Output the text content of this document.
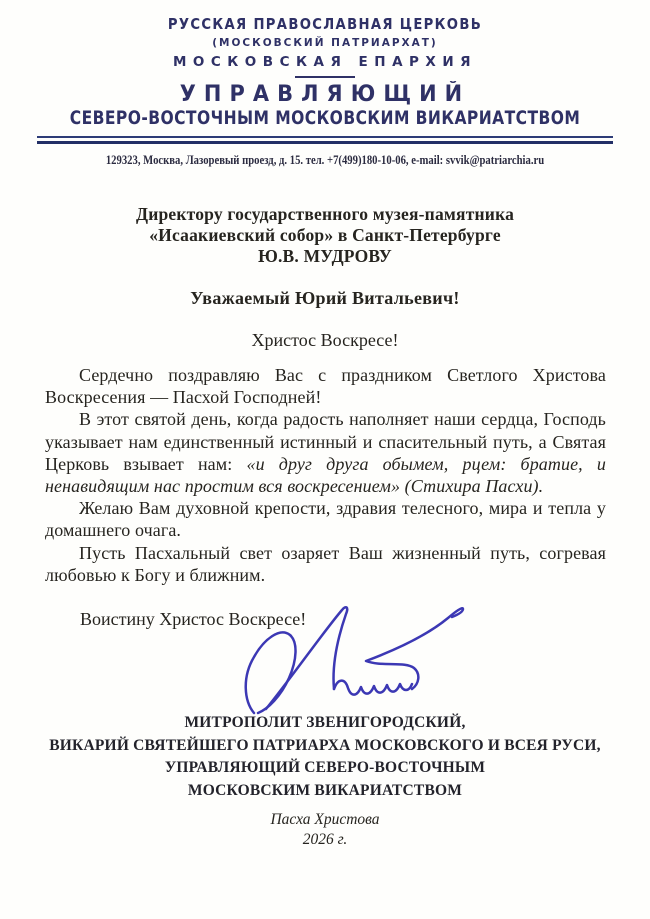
РУССКАЯ ПРАВОСЛАВНАЯ ЦЕРКОВЬ
(МОСКОВСКИЙ ПАТРИАРХАТ)
МОСКОВСКАЯ ЕПАРХИЯ
УПРАВЛЯЮЩИЙ
СЕВЕРО-ВОСТОЧНЫМ МОСКОВСКИМ ВИКАРИАТСТВОМ
129323, Москва, Лазоревый проезд, д. 15. тел. +7(499)180-10-06, e-mail: svvik@patriarchia.ru
Директору государственного музея-памятника
«Исаакиевский собор» в Санкт-Петербурге
Ю.В. МУДРОВУ
Уважаемый Юрий Витальевич!
Христос Воскресе!

Сердечно поздравляю Вас с праздником Светлого Христова Воскресения — Пасхой Господней!

В этот святой день, когда радость наполняет наши сердца, Господь указывает нам единственный истинный и спасительный путь, а Святая Церковь взывает нам: «и друг друга обымем, рцем: братие, и ненавидящим нас простим вся воскресением» (Стихира Пасхи).

Желаю Вам духовной крепости, здравия телесного, мира и тепла у домашнего очага.

Пусть Пасхальный свет озаряет Ваш жизненный путь, согревая любовью к Богу и ближним.

Воистину Христос Воскресе!
МИТРОПОЛИТ ЗВЕНИГОРОДСКИЙ,
ВИКАРИЙ СВЯТЕЙШЕГО ПАТРИАРХА МОСКОВСКОГО И ВСЕЯ РУСИ,
УПРАВЛЯЮЩИЙ СЕВЕРО-ВОСТОЧНЫМ
МОСКОВСКИМ ВИКАРИАТСТВОМ
Пасха Христова
2026 г.
